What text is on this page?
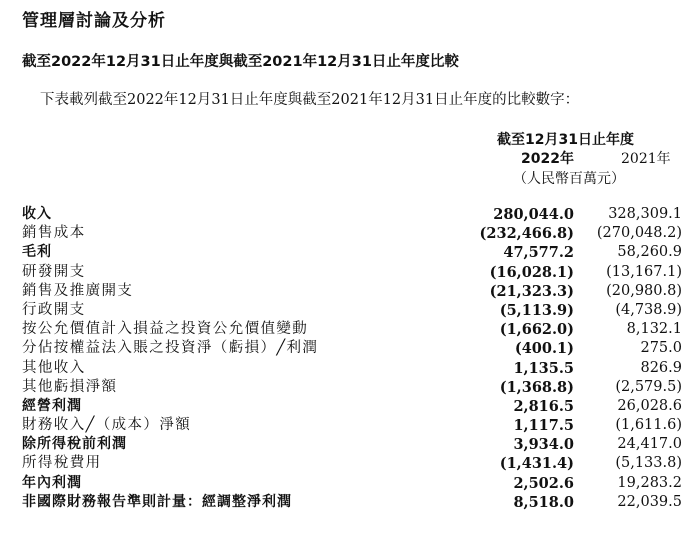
管理層討論及分析
截至2022年12月31日止年度與截至2021年12月31日止年度比較
下表載列截至2022年12月31日止年度與截至2021年12月31日止年度的比較數字：
截至12月31日止年度
2022年	2021年
（人民幣百萬元）
收入	280,044.0 328,309.1
銷售成本	(232,466.8) (270,048.2)
毛利	47,577.2	58,260.9
研發開支	(16,028.1) (13,167.1)
銷售及推廣開支	(21,323.3) (20,980.8)
行政開支	(5,113.9)	(4,738.9)
按公允價值計入損益之投資公允價值變動	(1,662.0)	8,132.1
分佔按權益法入賬之投資淨（虧損）╱利潤	(400.1)	275.0
其他收入	1,135.5	826.9
其他虧損淨額	(1,368.8)	(2,579.5)
經營利潤	2,816.5	26,028.6
財務收入╱（成本）淨額	1,117.5	(1,611.6)
除所得稅前利潤	3,934.0	24,417.0
所得稅費用	(1,431.4)	(5,133.8)
年內利潤	2,502.6	19,283.2
非國際財務報告準則計量：經調整淨利潤	8,518.0	22,039.5
